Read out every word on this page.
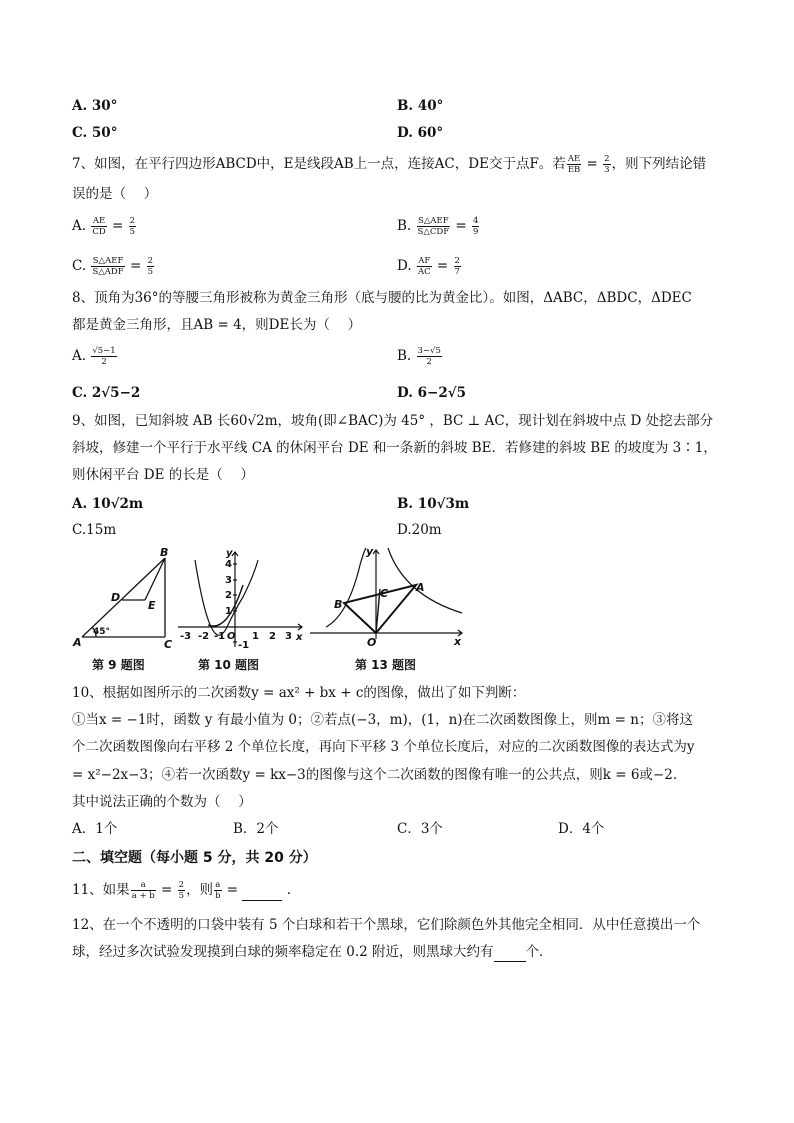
A. 30°	B. 40°
C. 50°	D. 60°
7、如图，在平行四边形ABCD中，E是线段AB上一点，连接AC，DE交于点F。若 $\frac{AE}{EB} = \frac{2}{3}$ ，则下列结论错
误的是（　 ）
A. $\frac{AE}{CD} = \frac{2}{5}$	B. $\frac{\text{S△AEF}}{\text{S△CDF}} = \frac{4}{9}$
C. $\frac{\text{S△AEF}}{\text{S△ADF}} = \frac{2}{5}$	D. $\frac{AF}{AC} = \frac{2}{7}$
8、顶角为36°的等腰三角形被称为黄金三角形（底与腰的比为黄金比）。如图，ΔABC，ΔBDC，ΔDEC
都是黄金三角形，且AB = 4，则DE长为（　 ）
A. $\frac{√5-1}{2}$	B. $\frac{3-√5}{2}$
C. 2√5−2	D. 6−2√5
9、如图，已知斜坡 AB 长60√2m，坡角(即∠BAC)为 45° ，BC ⊥ AC，现计划在斜坡中点 D 处挖去部分
斜坡，修建一个平行于水平线 CA 的休闲平台 DE 和一条新的斜坡 BE．若修建的斜坡 BE 的坡度为 3∶1，
则休闲平台 DE 的长是（　 ）
A. 10√2m	B. 10√3m
C.15m	D.20m
B
A	C
D
E
45°
第 9 题图
y
x
O
4
3
2
1
-1
-3 -2 -1	1 2 3
第 10 题图
y
x
O
A
B
C
第 13 题图
10、根据如图所示的二次函数y = ax² + bx + c的图像，做出了如下判断：
①当x = −1时，函数 y 有最小值为 0；②若点(−3，m)，(1，n)在二次函数图像上，则m = n；③将这
个二次函数图像向右平移 2 个单位长度，再向下平移 3 个单位长度后，对应的二次函数图像的表达式为y
= x²−2x−3；④若一次函数y = kx−3的图像与这个二次函数的图像有唯一的公共点，则k = 6或−2．
其中说法正确的个数为（　 ）
A．1个	B．2个	C．3个	D．4个
二、填空题（每小题 5 分，共 20 分）
11、如果 $\frac{a}{a + b} = \frac{2}{5}$ ，则 $\frac{a}{b}$ =	．
12、在一个不透明的口袋中装有 5 个白球和若干个黑球，它们除颜色外其他完全相同．从中任意摸出一个
球，经过多次试验发现摸到白球的频率稳定在 0.2 附近，则黑球大约有 个．
